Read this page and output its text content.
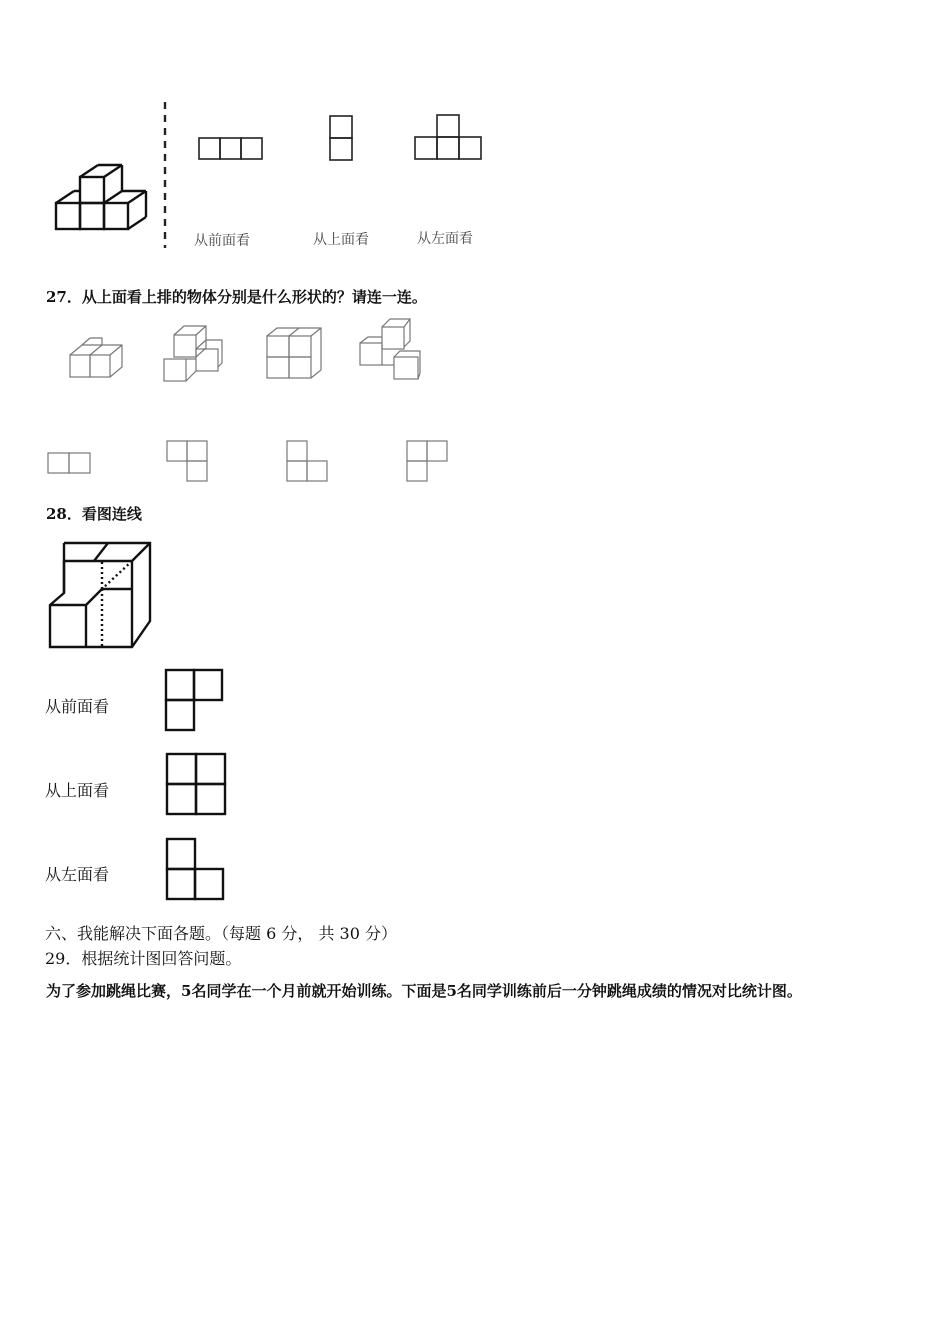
从前面看	从上面看	从左面看
27．从上面看上排的物体分别是什么形状的？请连一连。
28．看图连线
从前面看
从上面看
从左面看
六、我能解决下面各题。（每题 6 分， 共 30 分）
29．根据统计图回答问题。
为了参加跳绳比赛，5名同学在一个月前就开始训练。下面是5名同学训练前后一分钟跳绳成绩的情况对比统计图。
